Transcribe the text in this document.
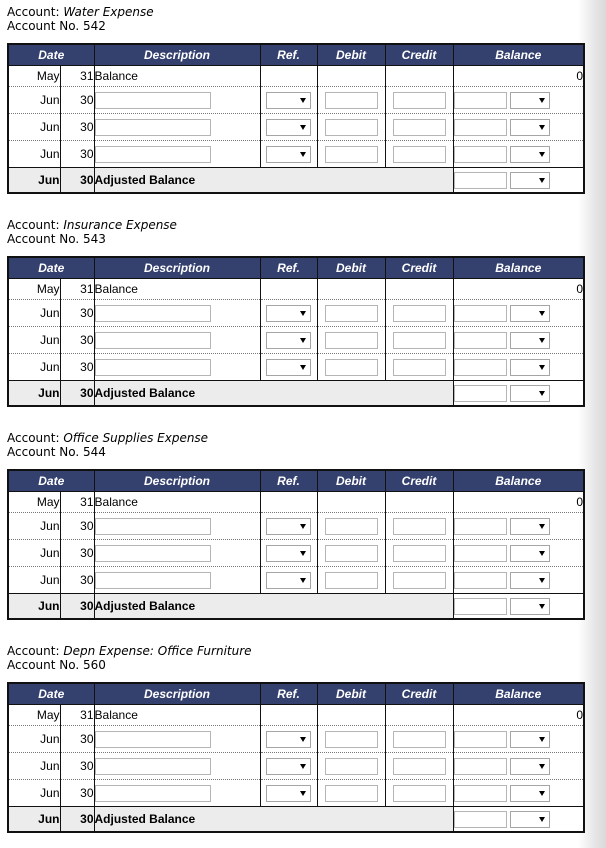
Account: Water Expense
Account No. 542
Date		Description	Ref.	Debit	Credit	Balance
May	31	Balance				0
Jun	30		

Jun	30		

Jun	30		

Jun	30	Adjusted Balance				
Account: Insurance Expense
Account No. 543
Date		Description	Ref.	Debit	Credit	Balance
May	31	Balance				0
Jun	30		

Jun	30		

Jun	30		

Jun	30	Adjusted Balance				
Account: Office Supplies Expense
Account No. 544
Date		Description	Ref.	Debit	Credit	Balance
May	31	Balance				0
Jun	30		

Jun	30		

Jun	30		

Jun	30	Adjusted Balance				
Account: Depn Expense: Office Furniture
Account No. 560
Date		Description	Ref.	Debit	Credit	Balance
May	31	Balance				0
Jun	30		

Jun	30		

Jun	30		

Jun	30	Adjusted Balance				
